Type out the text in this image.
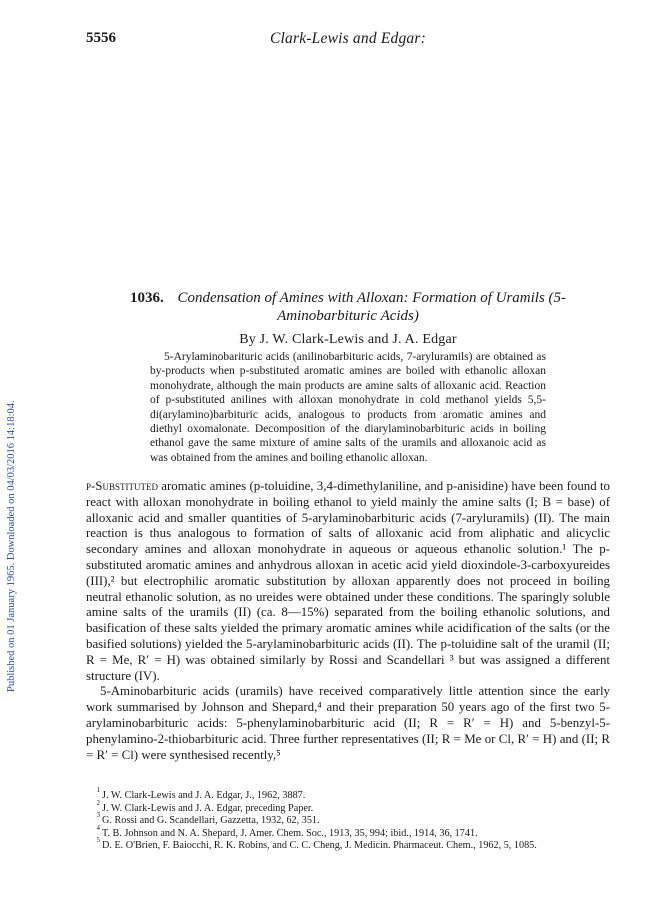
5556	Clark-Lewis and Edgar:
Published on 01 January 1965. Downloaded on 04/03/2016 14:18:04.
1036. Condensation of Amines with Alloxan: Formation of Uramils (5-Aminobarbituric Acids)
By J. W. Clark-Lewis and J. A. Edgar
5-Arylaminobarituric acids (anilinobarbituric acids, 7-aryluramils) are obtained as by-products when p-substituted aromatic amines are boiled with ethanolic alloxan monohydrate, although the main products are amine salts of alloxanic acid. Reaction of p-substituted anilines with alloxan monohydrate in cold methanol yields 5,5-di(arylamino)barbituric acids, analogous to products from aromatic amines and diethyl oxomalonate. Decomposition of the diarylaminobarbituric acids in boiling ethanol gave the same mixture of amine salts of the uramils and alloxanoic acid as was obtained from the amines and boiling ethanolic alloxan.

p-Substituted aromatic amines (p-toluidine, 3,4-dimethylaniline, and p-anisidine) have been found to react with alloxan monohydrate in boiling ethanol to yield mainly the amine salts (I; B = base) of alloxanic acid and smaller quantities of 5-arylaminobarbituric acids (7-aryluramils) (II). The main reaction is thus analogous to formation of salts of alloxanic acid from aliphatic and alicyclic secondary amines and alloxan monohydrate in aqueous or aqueous ethanolic solution.¹ The p-substituted aromatic amines and anhydrous alloxan in acetic acid yield dioxindole-3-carboxyureides (III),² but electrophilic aromatic substitution by alloxan apparently does not proceed in boiling neutral ethanolic solution, as no ureides were obtained under these conditions. The sparingly soluble amine salts of the uramils (II) (ca. 8—15%) separated from the boiling ethanolic solutions, and basification of these salts yielded the primary aromatic amines while acidification of the salts (or the basified solutions) yielded the 5-arylaminobarbituric acids (II). The p-toluidine salt of the uramil (II; R = Me, R′ = H) was obtained similarly by Rossi and Scandellari ³ but was assigned a different structure (IV).

5-Aminobarbituric acids (uramils) have received comparatively little attention since the early work summarised by Johnson and Shepard,⁴ and their preparation 50 years ago of the first two 5-arylaminobarbituric acids: 5-phenylaminobarbituric acid (II; R = R′ = H) and 5-benzyl-5-phenylamino-2-thiobarbituric acid. Three further representatives (II; R = Me or Cl, R′ = H) and (II; R = R′ = Cl) were synthesised recently,⁵

$^1$ J. W. Clark-Lewis and J. A. Edgar, J., 1962, 3887.
$^2$ J. W. Clark-Lewis and J. A. Edgar, preceding Paper.
$^3$ G. Rossi and G. Scandellari, Gazzetta, 1932, 62, 351.
$^4$ T. B. Johnson and N. A. Shepard, J. Amer. Chem. Soc., 1913, 35, 994; ibid., 1914, 36, 1741.
$^5$ D. E. O'Brien, F. Baiocchi, R. K. Robins, and C. C. Cheng, J. Medicin. Pharmaceut. Chem., 1962, 5, 1085.
